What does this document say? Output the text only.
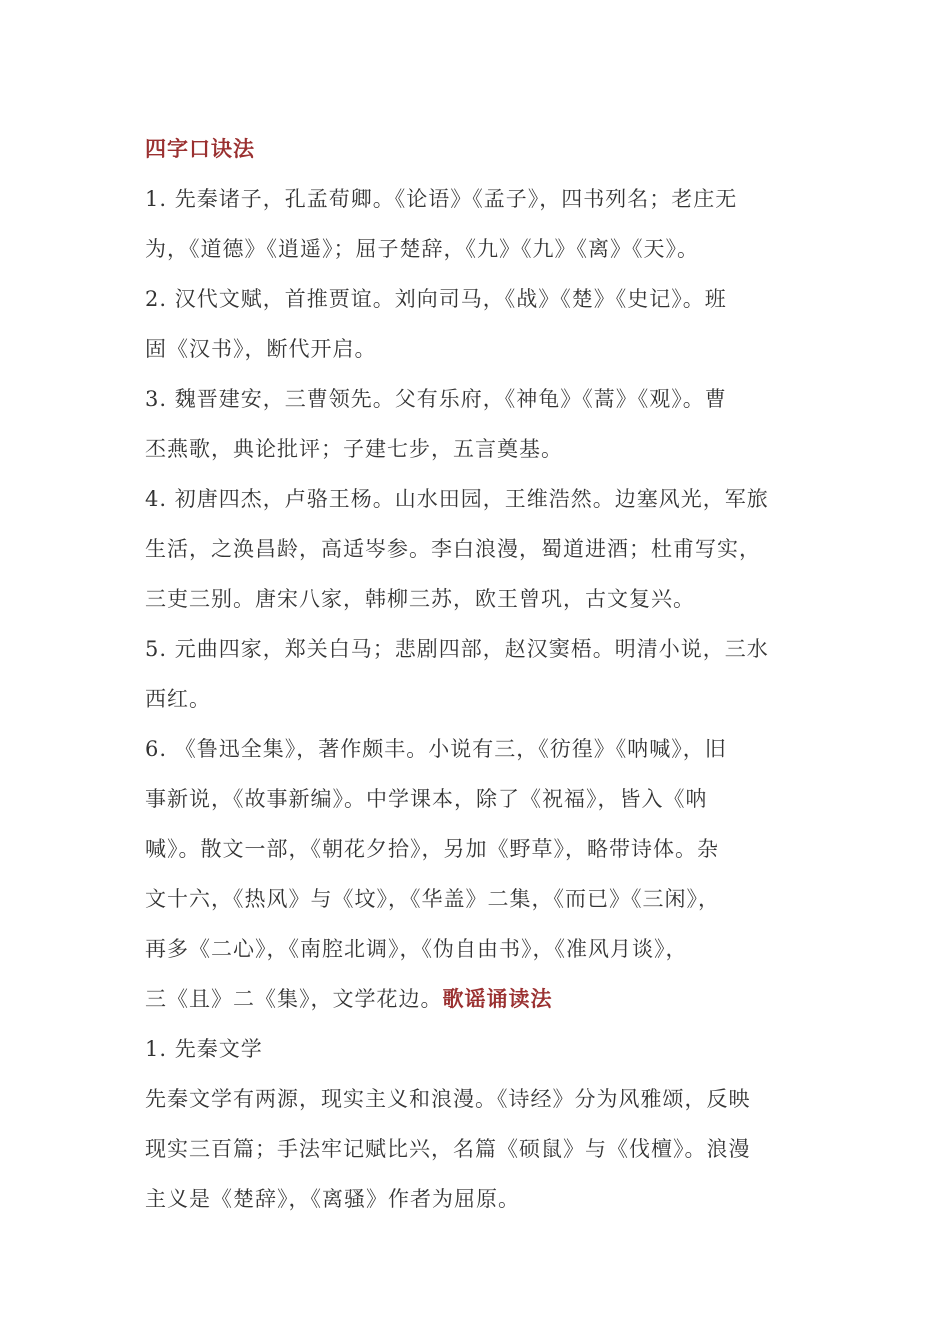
四字口诀法
1. 先秦诸子，孔孟荀卿。《论语》《孟子》，四书列名；老庄无
为，《道德》《逍遥》；屈子楚辞，《九》《九》《离》《天》。
2. 汉代文赋，首推贾谊。刘向司马，《战》《楚》《史记》。班
固《汉书》，断代开启。
3. 魏晋建安，三曹领先。父有乐府，《神龟》《蒿》《观》。曹
丕燕歌，典论批评；子建七步，五言奠基。
4. 初唐四杰，卢骆王杨。山水田园，王维浩然。边塞风光，军旅
生活，之涣昌龄，高适岑参。李白浪漫，蜀道进酒；杜甫写实，
三吏三别。唐宋八家，韩柳三苏，欧王曾巩，古文复兴。
5. 元曲四家，郑关白马；悲剧四部，赵汉窦梧。明清小说，三水
西红。
6. 《鲁迅全集》，著作颇丰。小说有三，《彷徨》《呐喊》，旧
事新说，《故事新编》。中学课本，除了《祝福》，皆入《呐
喊》。散文一部，《朝花夕拾》，另加《野草》，略带诗体。杂
文十六，《热风》与《坟》，《华盖》二集，《而已》《三闲》，
再多《二心》，《南腔北调》，《伪自由书》，《准风月谈》，
三《且》二《集》，文学花边。歌谣诵读法
1. 先秦文学
先秦文学有两源，现实主义和浪漫。《诗经》分为风雅颂，反映
现实三百篇；手法牢记赋比兴，名篇《硕鼠》与《伐檀》。浪漫
主义是《楚辞》，《离骚》作者为屈原。
